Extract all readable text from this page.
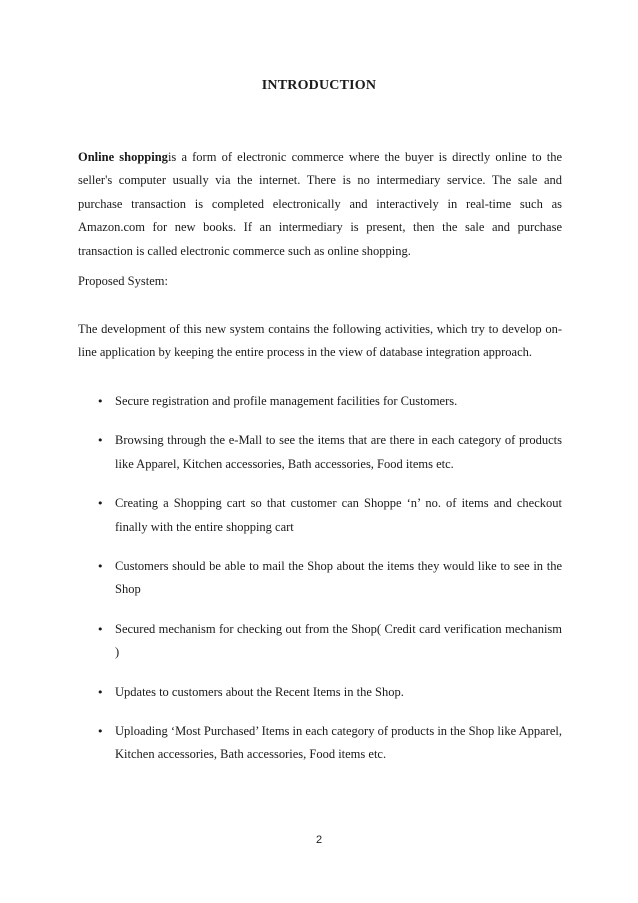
INTRODUCTION

Online shoppingis a form of electronic commerce where the buyer is directly online to the seller's computer usually via the internet. There is no intermediary service. The sale and purchase transaction is completed electronically and interactively in real-time such as Amazon.com for new books. If an intermediary is present, then the sale and purchase transaction is called electronic commerce such as online shopping.

Proposed System:

The development of this new system contains the following activities, which try to develop on-line application by keeping the entire process in the view of database integration approach.

• Secure registration and profile management facilities for Customers.
• Browsing through the e-Mall to see the items that are there in each category of products like Apparel, Kitchen accessories, Bath accessories, Food items etc.
• Creating a Shopping cart so that customer can Shoppe ‘n’ no. of items and checkout finally with the entire shopping cart
• Customers should be able to mail the Shop about the items they would like to see in the Shop
• Secured mechanism for checking out from the Shop( Credit card verification mechanism )
• Updates to customers about the Recent Items in the Shop.
• Uploading ‘Most Purchased’ Items in each category of products in the Shop like Apparel, Kitchen accessories, Bath accessories, Food items etc.
2
